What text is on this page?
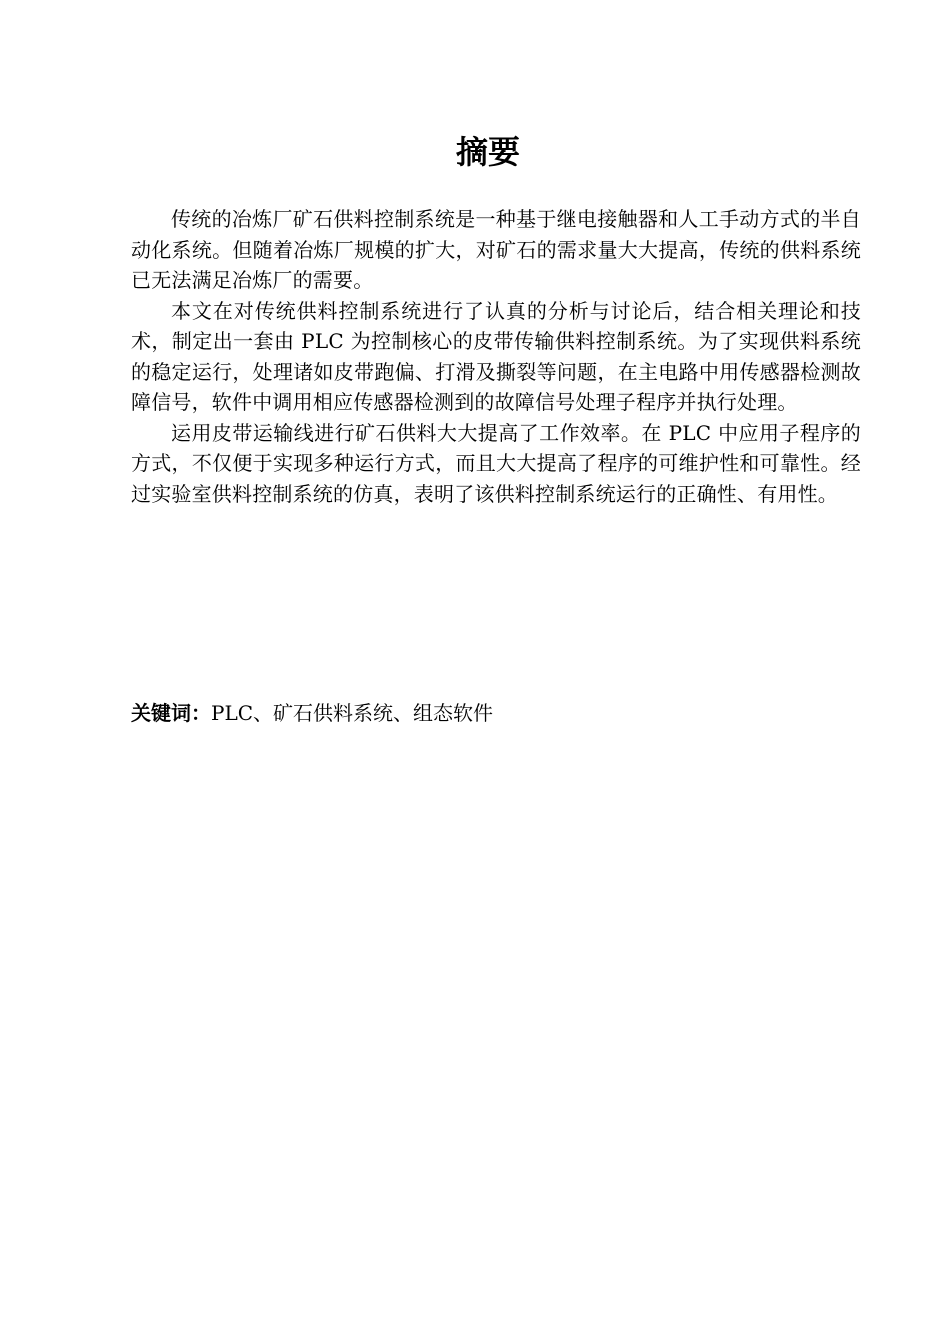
摘要

传统的冶炼厂矿石供料控制系统是一种基于继电接触器和人工手动方式的半自动化系统。但随着冶炼厂规模的扩大，对矿石的需求量大大提高，传统的供料系统已无法满足冶炼厂的需要。

本文在对传统供料控制系统进行了认真的分析与讨论后，结合相关理论和技术，制定出一套由 PLC 为控制核心的皮带传输供料控制系统。为了实现供料系统的稳定运行，处理诸如皮带跑偏、打滑及撕裂等问题，在主电路中用传感器检测故障信号，软件中调用相应传感器检测到的故障信号处理子程序并执行处理。

运用皮带运输线进行矿石供料大大提高了工作效率。在 PLC 中应用子程序的方式，不仅便于实现多种运行方式，而且大大提高了程序的可维护性和可靠性。经过实验室供料控制系统的仿真，表明了该供料控制系统运行的正确性、有用性。

关键词：PLC、矿石供料系统、组态软件
